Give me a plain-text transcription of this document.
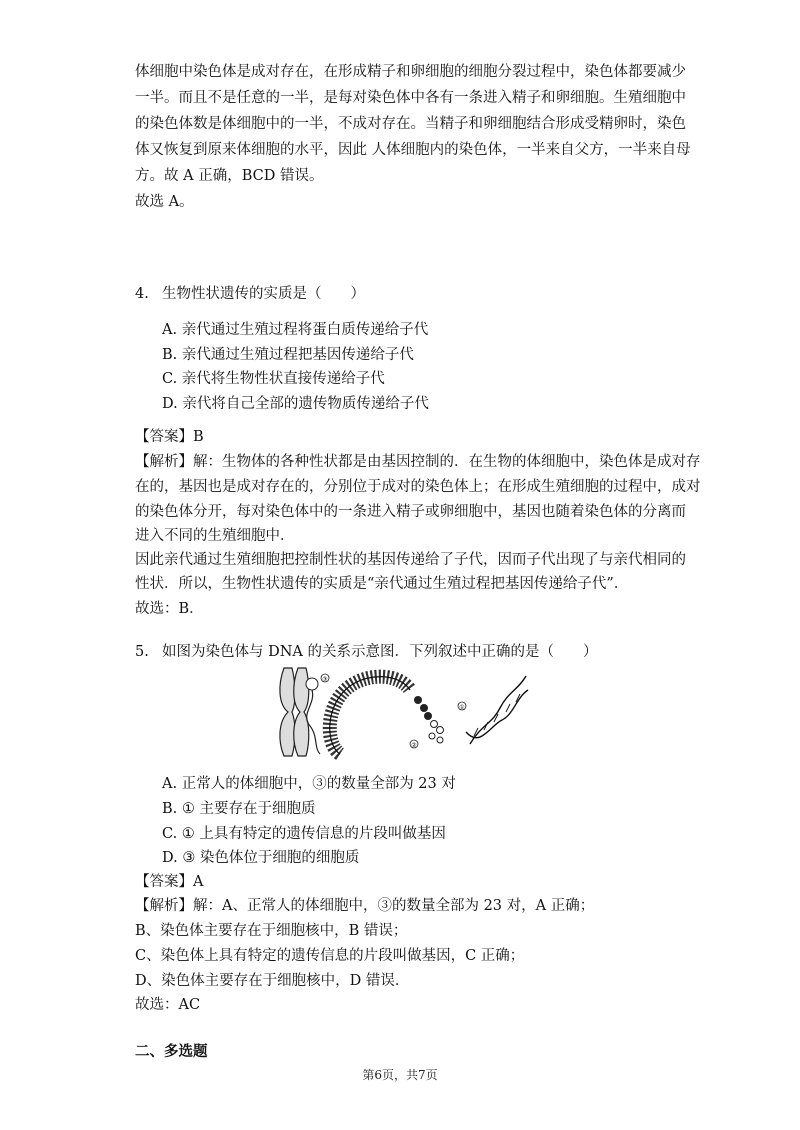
体细胞中染色体是成对存在，在形成精子和卵细胞的细胞分裂过程中，染色体都要减少
一半。而且不是任意的一半，是每对染色体中各有一条进入精子和卵细胞。生殖细胞中
的染色体数是体细胞中的一半，不成对存在。当精子和卵细胞结合形成受精卵时，染色
体又恢复到原来体细胞的水平，因此 人体细胞内的染色体，一半来自父方，一半来自母
方。故 A 正确，BCD 错误。
故选 A。
4. 生物性状遗传的实质是（　　）
A. 亲代通过生殖过程将蛋白质传递给子代
B. 亲代通过生殖过程把基因传递给子代
C. 亲代将生物性状直接传递给子代
D. 亲代将自己全部的遗传物质传递给子代
【答案】B
【解析】解：生物体的各种性状都是由基因控制的．在生物的体细胞中，染色体是成对存
在的，基因也是成对存在的，分别位于成对的染色体上；在形成生殖细胞的过程中，成对
的染色体分开，每对染色体中的一条进入精子或卵细胞中，基因也随着染色体的分离而
进入不同的生殖细胞中．
因此亲代通过生殖细胞把控制性状的基因传递给了子代，因而子代出现了与亲代相同的
性状．所以，生物性状遗传的实质是“亲代通过生殖过程把基因传递给子代”．
故选：B．
5. 如图为染色体与 DNA 的关系示意图．下列叙述中正确的是（　　）
③
②
①
A. 正常人的体细胞中，③的数量全部为 23 对
B. ① 主要存在于细胞质
C. ① 上具有特定的遗传信息的片段叫做基因
D. ③ 染色体位于细胞的细胞质
【答案】A
【解析】解：A、正常人的体细胞中，③的数量全部为 23 对，A 正确；
B、染色体主要存在于细胞核中，B 错误；
C、染色体上具有特定的遗传信息的片段叫做基因，C 正确；
D、染色体主要存在于细胞核中，D 错误．
故选：AC
二、多选题
第6页，共7页
